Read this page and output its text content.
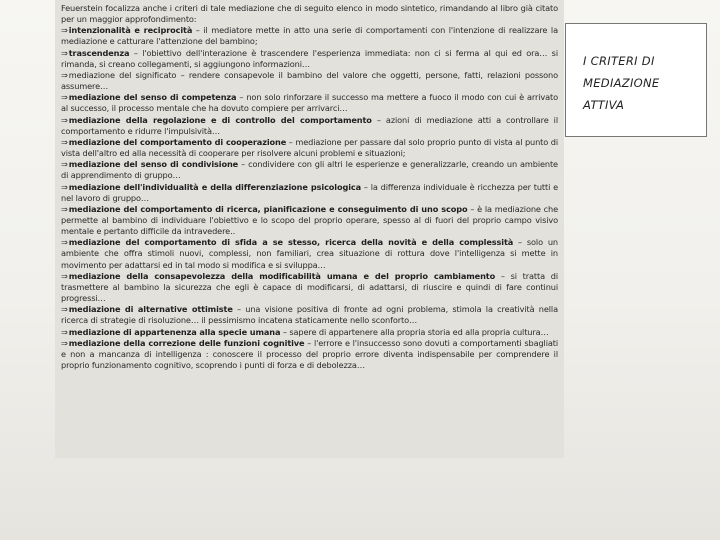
Feuerstein focalizza anche i criteri di tale mediazione che di seguito elenco in modo sintetico, rimandando al libro già citato per un maggior approfondimento:

⇒intenzionalità e reciprocità – il mediatore mette in atto una serie di comportamenti con l'intenzione di realizzare la mediazione e catturare l'attenzione del bambino;

⇒trascendenza – l'obiettivo dell'interazione è trascendere l'esperienza immediata: non ci si ferma al qui ed ora… si rimanda, si creano collegamenti, si aggiungono informazioni…

⇒mediazione del significato – rendere consapevole il bambino del valore che oggetti, persone, fatti, relazioni possono assumere…

⇒mediazione del senso di competenza – non solo rinforzare il successo ma mettere a fuoco il modo con cui è arrivato al successo, il processo mentale che ha dovuto compiere per arrivarci…

⇒mediazione della regolazione e di controllo del comportamento – azioni di mediazione atti a controllare il comportamento e ridurre l'impulsività…

⇒mediazione del comportamento di cooperazione – mediazione per passare dal solo proprio punto di vista al punto di vista dell'altro ed alla necessità di cooperare per risolvere alcuni problemi e situazioni;

⇒mediazione del senso di condivisione – condividere con gli altri le esperienze e generalizzarle, creando un ambiente di apprendimento di gruppo…

⇒mediazione dell'individualità e della differenziazione psicologica – la differenza individuale è ricchezza per tutti e nel lavoro di gruppo…

⇒mediazione del comportamento di ricerca, pianificazione e conseguimento di uno scopo – è la mediazione che permette al bambino di individuare l'obiettivo e lo scopo del proprio operare, spesso al di fuori del proprio campo visivo mentale e pertanto difficile da intravedere..

⇒mediazione del comportamento di sfida a se stesso, ricerca della novità e della complessità – solo un ambiente che offra stimoli nuovi, complessi, non familiari, crea situazione di rottura dove l'intelligenza si mette in movimento per adattarsi ed in tal modo si modifica e si sviluppa…

⇒mediazione della consapevolezza della modificabilità umana e del proprio cambiamento – si tratta di trasmettere al bambino la sicurezza che egli è capace di modificarsi, di adattarsi, di riuscire e quindi di fare continui progressi…

⇒mediazione di alternative ottimiste – una visione positiva di fronte ad ogni problema, stimola la creatività nella ricerca di strategie di risoluzione… il pessimismo incatena staticamente nello sconforto…

⇒mediazione di appartenenza alla specie umana – sapere di appartenere alla propria storia ed alla propria cultura…

⇒mediazione della correzione delle funzioni cognitive – l'errore e l'insuccesso sono dovuti a comportamenti sbagliati e non a mancanza di intelligenza : conoscere il processo del proprio errore diventa indispensabile per comprendere il proprio funzionamento cognitivo, scoprendo i punti di forza e di debolezza…

I CRITERI DI
MEDIAZIONE
ATTIVA
